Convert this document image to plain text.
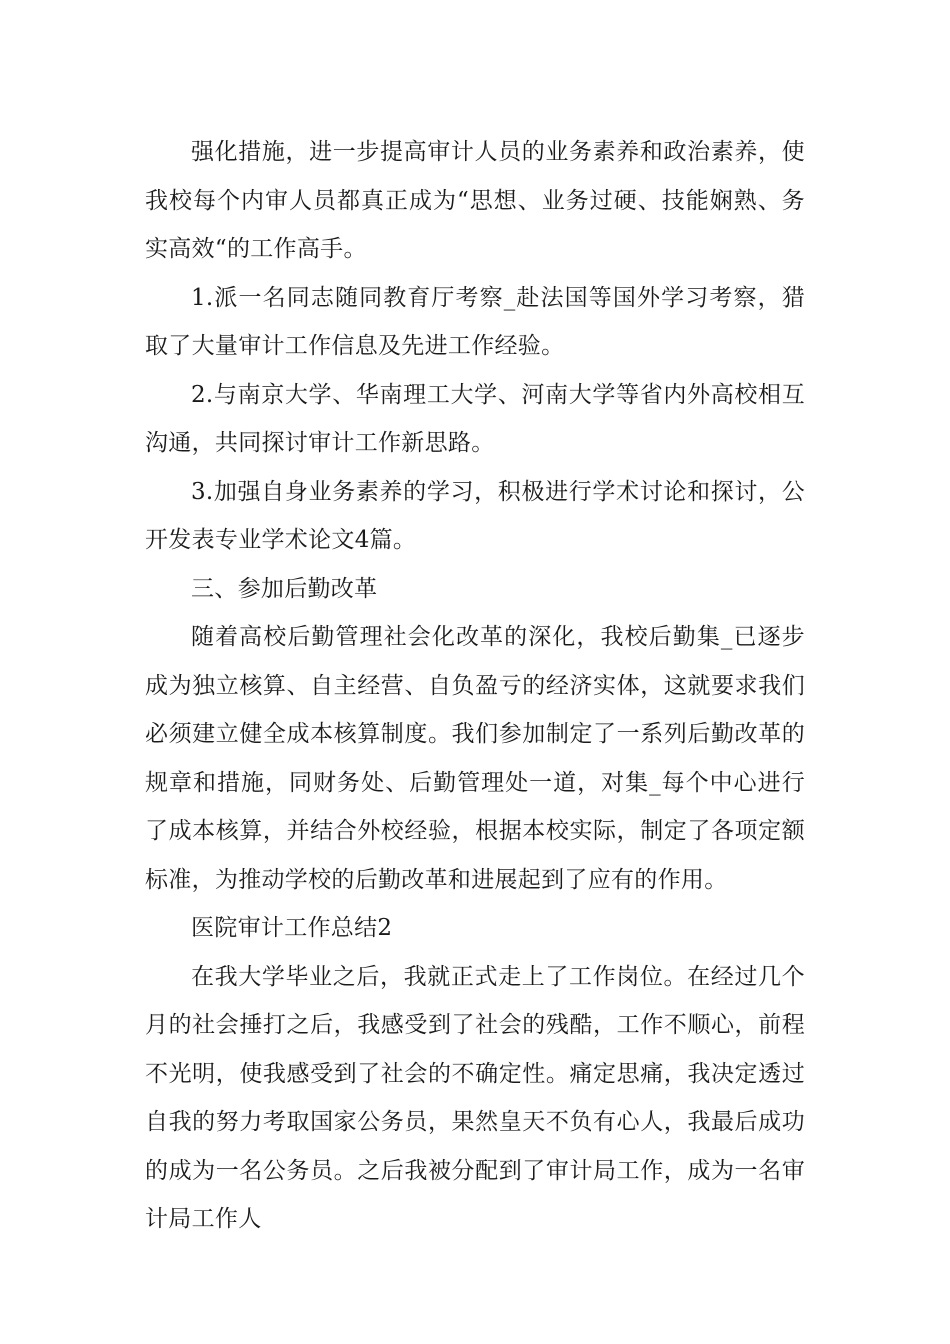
强化措施，进一步提高审计人员的业务素养和政治素养，使我校每个内审人员都真正成为“思想、业务过硬、技能娴熟、务实高效“的工作高手。

1.派一名同志随同教育厅考察_赴法国等国外学习考察，猎取了大量审计工作信息及先进工作经验。

2.与南京大学、华南理工大学、河南大学等省内外高校相互沟通，共同探讨审计工作新思路。

3.加强自身业务素养的学习，积极进行学术讨论和探讨，公开发表专业学术论文4篇。

三、参加后勤改革

随着高校后勤管理社会化改革的深化，我校后勤集_已逐步成为独立核算、自主经营、自负盈亏的经济实体，这就要求我们必须建立健全成本核算制度。我们参加制定了一系列后勤改革的规章和措施，同财务处、后勤管理处一道，对集_每个中心进行了成本核算，并结合外校经验，根据本校实际，制定了各项定额标准，为推动学校的后勤改革和进展起到了应有的作用。

医院审计工作总结2

在我大学毕业之后，我就正式走上了工作岗位。在经过几个月的社会捶打之后，我感受到了社会的残酷，工作不顺心，前程不光明，使我感受到了社会的不确定性。痛定思痛，我决定透过自我的努力考取国家公务员，果然皇天不负有心人，我最后成功的成为一名公务员。之后我被分配到了审计局工作，成为一名审计局工作人
